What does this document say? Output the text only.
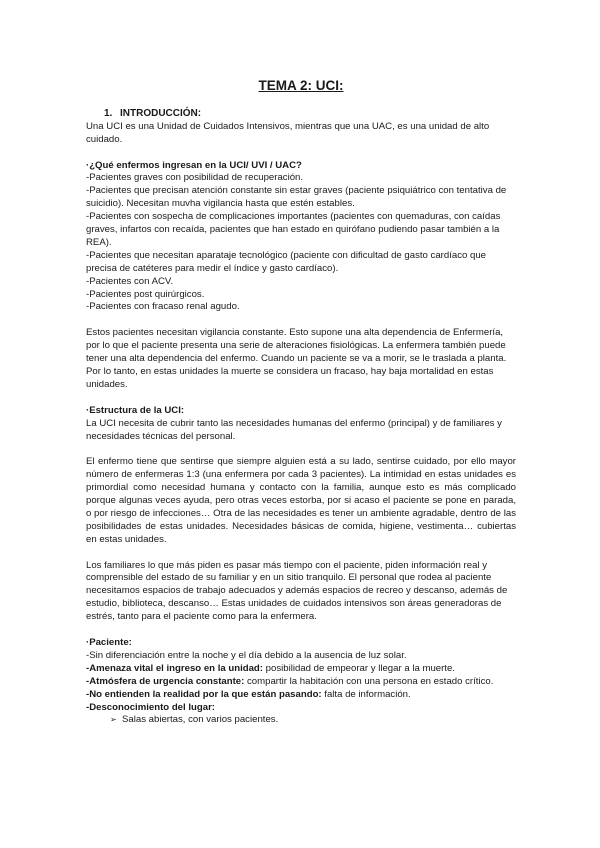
TEMA 2: UCI:

1. INTRODUCCIÓN:

Una UCI es una Unidad de Cuidados Intensivos, mientras que una UAC, es una unidad de alto cuidado.

·¿Qué enfermos ingresan en la UCI/ UVI / UAC?

-Pacientes graves con posibilidad de recuperación.

-Pacientes que precisan atención constante sin estar graves (paciente psiquiátrico con tentativa de suicidio). Necesitan muvha vigilancia hasta que estén estables.

-Pacientes con sospecha de complicaciones importantes (pacientes con quemaduras, con caídas graves, infartos con recaída, pacientes que han estado en quirófano pudiendo pasar también a la REA).

-Pacientes que necesitan aparataje tecnológico (paciente con dificultad de gasto cardíaco que precisa de catéteres para medir el índice y gasto cardíaco).

-Pacientes con ACV.

-Pacientes post quirúrgicos.

-Pacientes con fracaso renal agudo.

Estos pacientes necesitan vigilancia constante. Esto supone una alta dependencia de Enfermería, por lo que el paciente presenta una serie de alteraciones fisiológicas. La enfermera también puede tener una alta dependencia del enfermo. Cuando un paciente se va a morir, se le traslada a planta. Por lo tanto, en estas unidades la muerte se considera un fracaso, hay baja mortalidad en estas unidades.

·Estructura de la UCI:

La UCI necesita de cubrir tanto las necesidades humanas del enfermo (principal) y de familiares y necesidades técnicas del personal.

El enfermo tiene que sentirse que siempre alguien está a su lado, sentirse cuidado, por ello mayor número de enfermeras 1:3 (una enfermera por cada 3 pacientes). La intimidad en estas unidades es primordial como necesidad humana y contacto con la familia, aunque esto es más complicado porque algunas veces ayuda, pero otras veces estorba, por si acaso el paciente se pone en parada, o por riesgo de infecciones… Otra de las necesidades es tener un ambiente agradable, dentro de las posibilidades de estas unidades. Necesidades básicas de comida, higiene, vestimenta… cubiertas en estas unidades.

Los familiares lo que más piden es pasar más tiempo con el paciente, piden información real y comprensible del estado de su familiar y en un sitio tranquilo. El personal que rodea al paciente necesitamos espacios de trabajo adecuados y además espacios de recreo y descanso, además de estudio, biblioteca, descanso… Estas unidades de cuidados intensivos son áreas generadoras de estrés, tanto para el paciente como para la enfermera.

·Paciente:

-Sin diferenciación entre la noche y el día debido a la ausencia de luz solar.

-Amenaza vital el ingreso en la unidad: posibilidad de empeorar y llegar a la muerte.

-Atmósfera de urgencia constante: compartir la habitación con una persona en estado crítico.

-No entienden la realidad por la que están pasando: falta de información.

-Desconocimiento del lugar:

➢ Salas abiertas, con varios pacientes.
